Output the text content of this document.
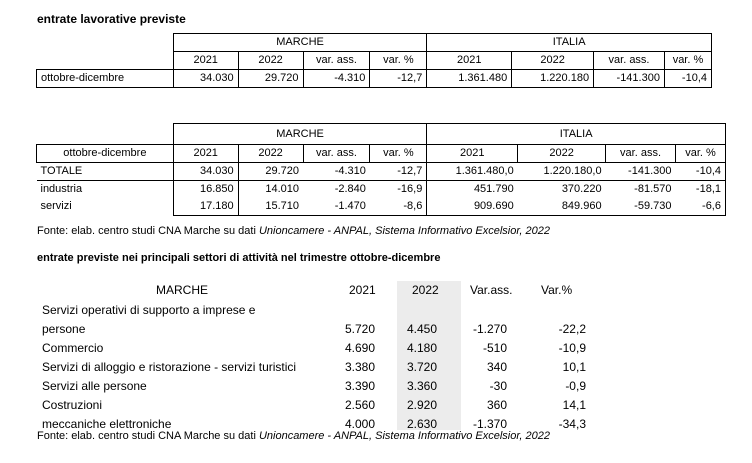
entrate lavorative previste
	MARCHE				ITALIA			
	2021	2022	var. ass.	var. %	2021	2022	var. ass.	var. %
ottobre-dicembre	34.030	29.720	-4.310	-12,7	1.361.480	1.220.180	-141.300	-10,4
	MARCHE				ITALIA			
ottobre-dicembre	2021	2022	var. ass.	var. %	2021	2022	var. ass.	var. %
TOTALE	34.030	29.720	-4.310	-12,7	1.361.480,0	1.220.180,0	-141.300	-10,4
industria	16.850	14.010	-2.840	-16,9	451.790	370.220	-81.570	-18,1
servizi	17.180	15.710	-1.470	-8,6	909.690	849.960	-59.730	-6,6
Fonte: elab. centro studi CNA Marche su dati Unioncamere - ANPAL, Sistema Informativo Excelsior, 2022
entrate previste nei principali settori di attività nel trimestre ottobre-dicembre
MARCHE	2021	2022	Var.ass. Var.%
Servizi operativi di supporto a imprese e
persone	5.720	4.450	-1.270	-22,2
Commercio	4.690	4.180	-510	-10,9
Servizi di alloggio e ristorazione - servizi turistici	3.380	3.720	340	10,1
Servizi alle persone	3.390	3.360	-30	-0,9
Costruzioni	2.560	2.920	360	14,1
meccaniche elettroniche	4.000	2.630	-1.370	-34,3
Fonte: elab. centro studi CNA Marche su dati Unioncamere - ANPAL, Sistema Informativo Excelsior, 2022
